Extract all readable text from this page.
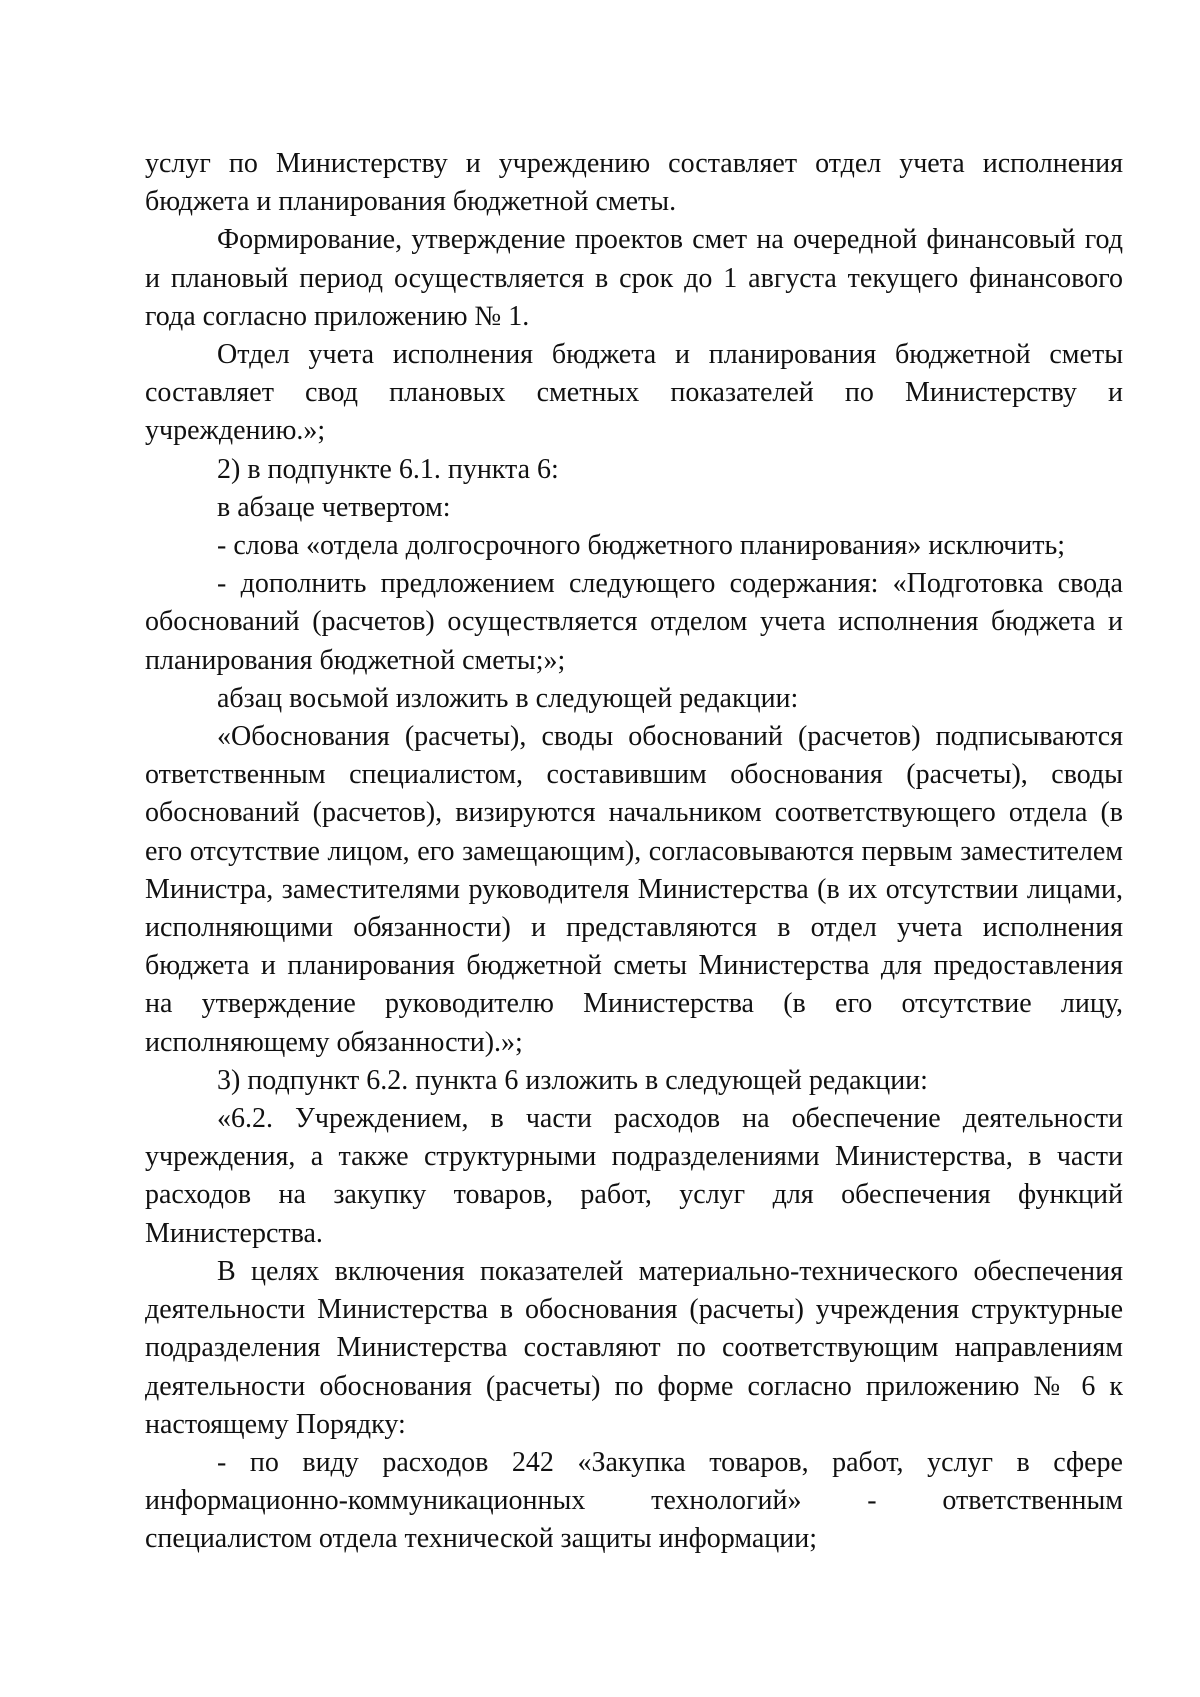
услуг по Министерству и учреждению составляет отдел учета исполнения бюджета и планирования бюджетной сметы.

Формирование, утверждение проектов смет на очередной финансовый год и плановый период осуществляется в срок до 1 августа текущего финансового года согласно приложению № 1.

Отдел учета исполнения бюджета и планирования бюджетной сметы составляет свод плановых сметных показателей по Министерству и учреждению.»;

2) в подпункте 6.1. пункта 6:

в абзаце четвертом:

- слова «отдела долгосрочного бюджетного планирования» исключить;

- дополнить предложением следующего содержания: «Подготовка свода обоснований (расчетов) осуществляется отделом учета исполнения бюджета и планирования бюджетной сметы;»;

абзац восьмой изложить в следующей редакции:

«Обоснования (расчеты), своды обоснований (расчетов) подписываются ответственным специалистом, составившим обоснования (расчеты), своды обоснований (расчетов), визируются начальником соответствующего отдела (в его отсутствие лицом, его замещающим), согласовываются первым заместителем Министра, заместителями руководителя Министерства (в их отсутствии лицами, исполняющими обязанности) и представляются в отдел учета исполнения бюджета и планирования бюджетной сметы Министерства для предоставления на утверждение руководителю Министерства (в его отсутствие лицу, исполняющему обязанности).»;

3) подпункт 6.2. пункта 6 изложить в следующей редакции:

«6.2. Учреждением, в части расходов на обеспечение деятельности учреждения, а также структурными подразделениями Министерства, в части расходов на закупку товаров, работ, услуг для обеспечения функций Министерства.

В целях включения показателей материально-технического обеспечения деятельности Министерства в обоснования (расчеты) учреждения структурные подразделения Министерства составляют по соответствующим направлениям деятельности обоснования (расчеты) по форме согласно приложению № 6 к настоящему Порядку:

- по виду расходов 242 «Закупка товаров, работ, услуг в сфере

информационно-коммуникационных технологий» - ответственным

специалистом отдела технической защиты информации;
